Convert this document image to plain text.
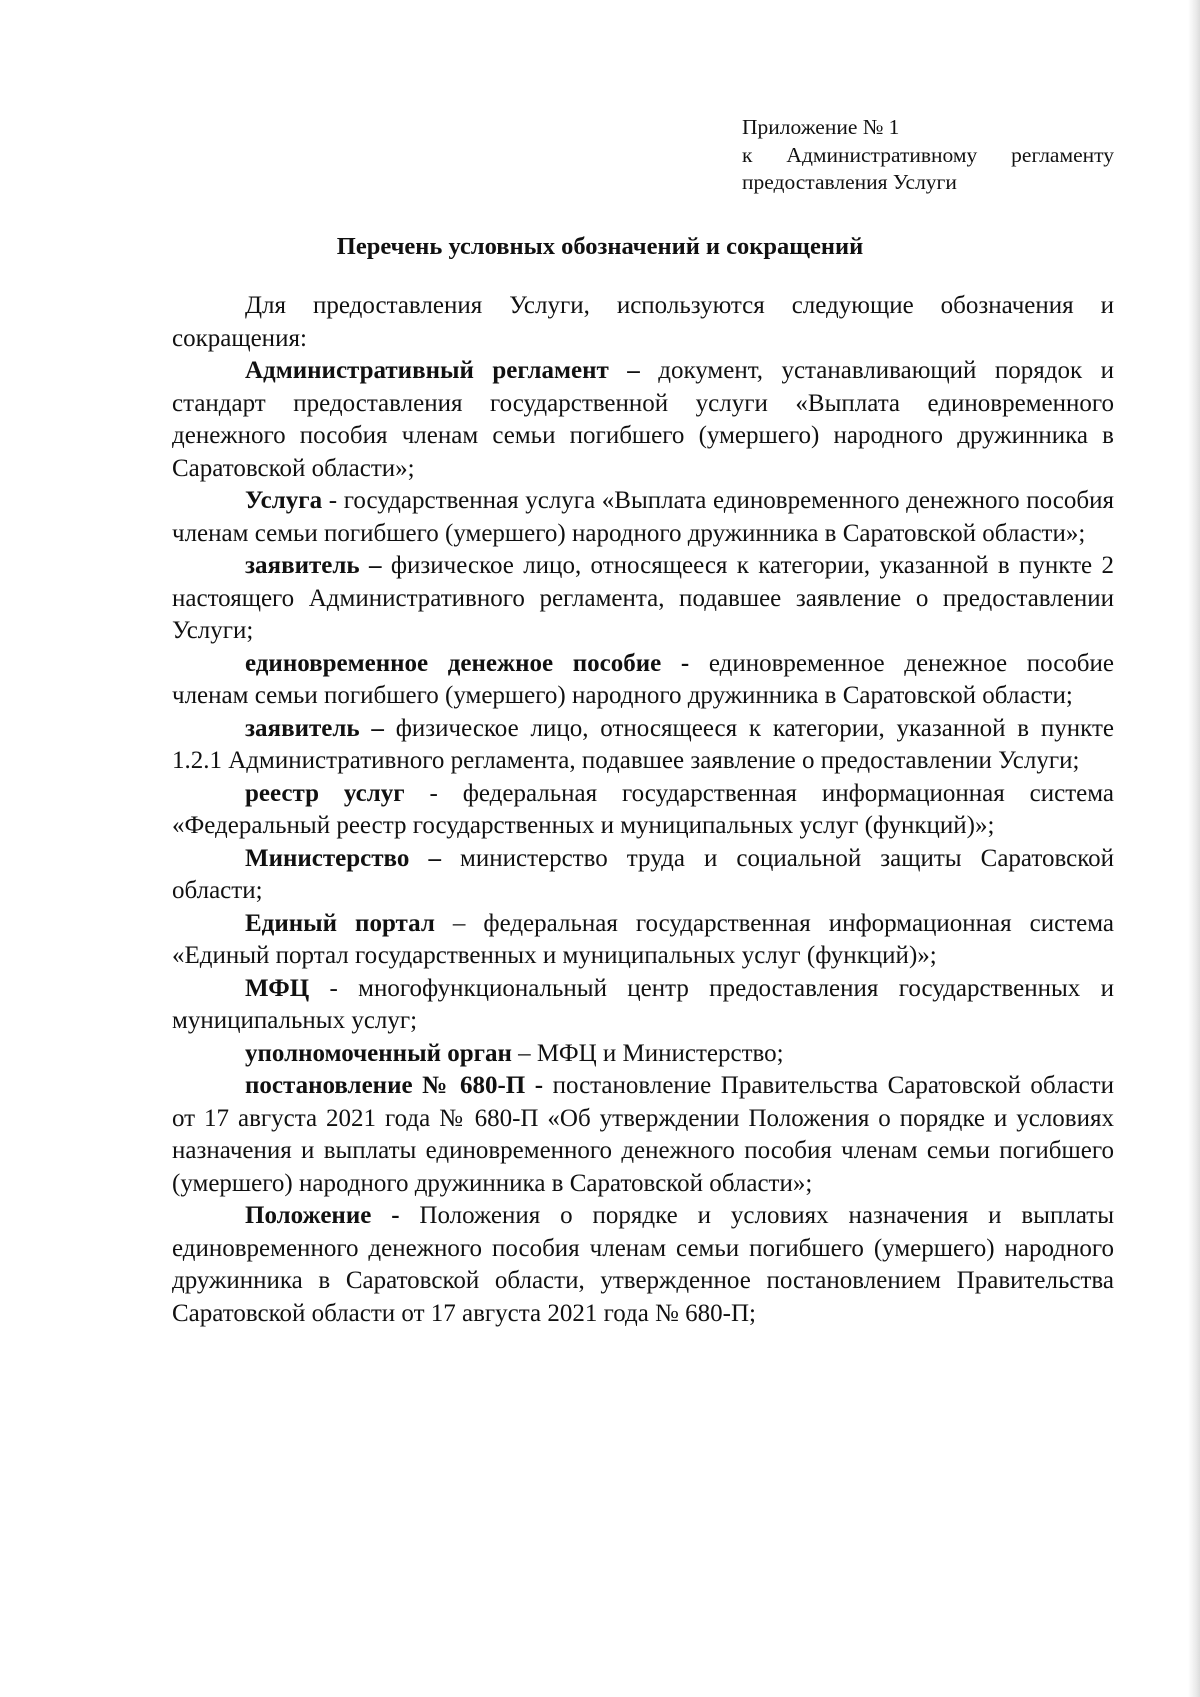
Приложение № 1
к Административному регламенту
предоставления Услуги
Перечень условных обозначений и сокращений

Для предоставления Услуги, используются следующие обозначения и сокращения:

Административный регламент – документ, устанавливающий порядок и стандарт предоставления государственной услуги «Выплата единовременного денежного пособия членам семьи погибшего (умершего) народного дружинника в Саратовской области»;

Услуга - государственная услуга «Выплата единовременного денежного пособия членам семьи погибшего (умершего) народного дружинника в Саратовской области»;

заявитель – физическое лицо, относящееся к категории, указанной в пункте 2 настоящего Административного регламента, подавшее заявление о предоставлении Услуги;

единовременное денежное пособие - единовременное денежное пособие членам семьи погибшего (умершего) народного дружинника в Саратовской области;

заявитель – физическое лицо, относящееся к категории, указанной в пункте 1.2.1 Административного регламента, подавшее заявление о предоставлении Услуги;

реестр услуг - федеральная государственная информационная система «Федеральный реестр государственных и муниципальных услуг (функций)»;

Министерство – министерство труда и социальной защиты Саратовской области;

Единый портал – федеральная государственная информационная система «Единый портал государственных и муниципальных услуг (функций)»;

МФЦ - многофункциональный центр предоставления государственных и муниципальных услуг;

уполномоченный орган – МФЦ и Министерство;

постановление № 680-П - постановление Правительства Саратовской области от 17 августа 2021 года № 680-П «Об утверждении Положения о порядке и условиях назначения и выплаты единовременного денежного пособия членам семьи погибшего (умершего) народного дружинника в Саратовской области»;

Положение - Положения о порядке и условиях назначения и выплаты единовременного денежного пособия членам семьи погибшего (умершего) народного дружинника в Саратовской области, утвержденное постановлением Правительства Саратовской области от 17 августа 2021 года № 680-П;
